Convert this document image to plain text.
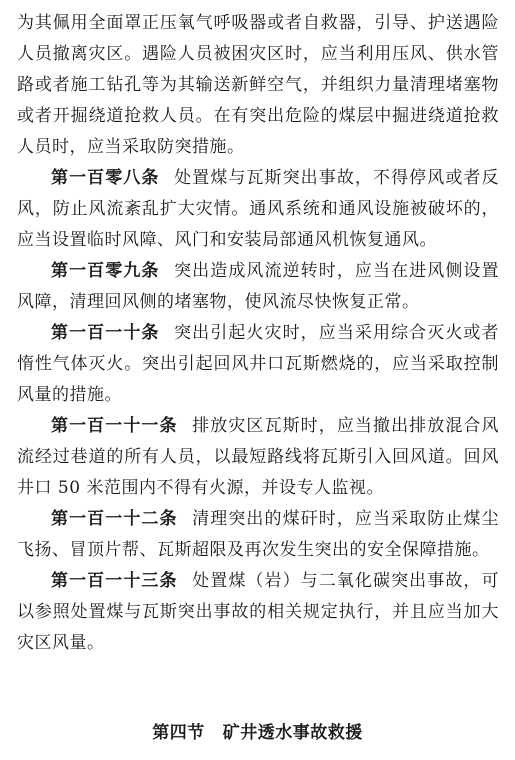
为其佩用全面罩正压氧气呼吸器或者自救器，引导、护送遇险人员撤离灾区。遇险人员被困灾区时，应当利用压风、供水管路或者施工钻孔等为其输送新鲜空气，并组织力量清理堵塞物或者开掘绕道抢救人员。在有突出危险的煤层中掘进绕道抢救人员时，应当采取防突措施。

第一百零八条 处置煤与瓦斯突出事故，不得停风或者反风，防止风流紊乱扩大灾情。通风系统和通风设施被破坏的，应当设置临时风障、风门和安装局部通风机恢复通风。

第一百零九条 突出造成风流逆转时，应当在进风侧设置风障，清理回风侧的堵塞物，使风流尽快恢复正常。

第一百一十条 突出引起火灾时，应当采用综合灭火或者惰性气体灭火。突出引起回风井口瓦斯燃烧的，应当采取控制风量的措施。

第一百一十一条 排放灾区瓦斯时，应当撤出排放混合风流经过巷道的所有人员，以最短路线将瓦斯引入回风道。回风井口 50 米范围内不得有火源，并设专人监视。

第一百一十二条 清理突出的煤矸时，应当采取防止煤尘飞扬、冒顶片帮、瓦斯超限及再次发生突出的安全保障措施。

第一百一十三条 处置煤（岩）与二氧化碳突出事故，可以参照处置煤与瓦斯突出事故的相关规定执行，并且应当加大灾区风量。

第四节 矿井透水事故救援
